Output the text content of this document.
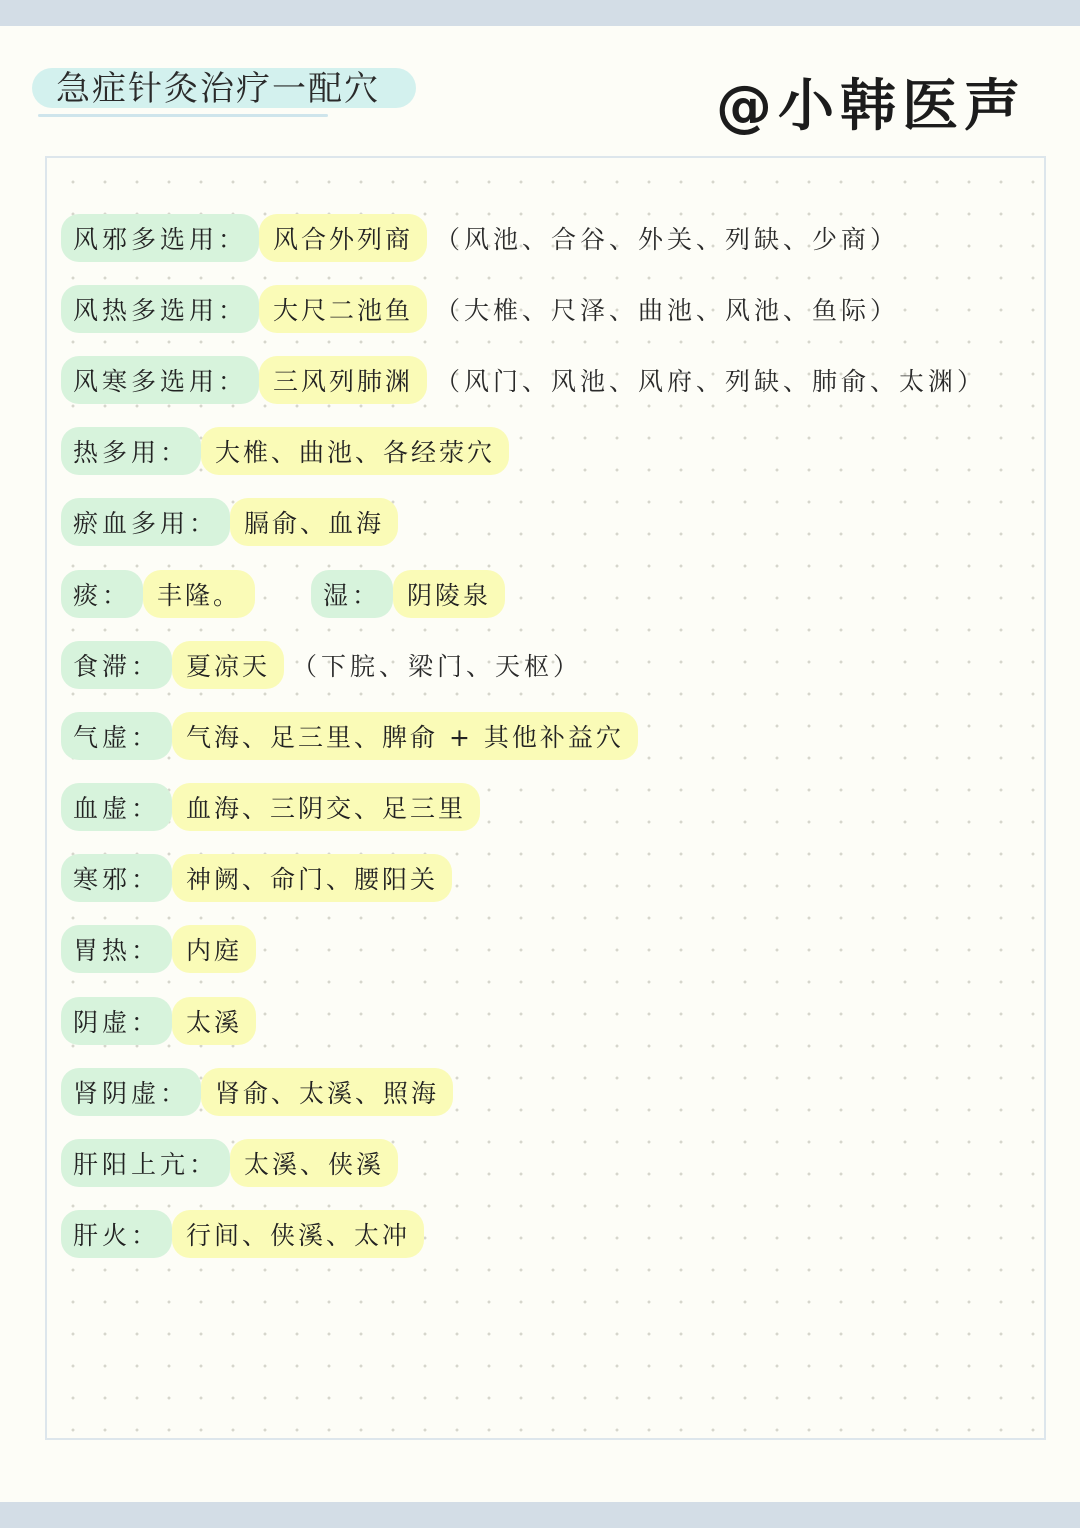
急症针灸治疗一配穴	@小韩医声
风邪多选用：	风合外列商 （风池、合谷、外关、列缺、少商）
风热多选用：	大尺二池鱼 （大椎、尺泽、曲池、风池、鱼际）
风寒多选用：	三风列肺渊 （风门、风池、风府、列缺、肺俞、太渊）
热多用：	大椎、曲池、各经荥穴
瘀血多用：	膈俞、血海
痰：	丰隆。	湿：	阴陵泉
食滞：	夏凉天 （下脘、梁门、天枢）
气虚：	气海、足三里、脾俞 + 其他补益穴
血虚：	血海、三阴交、足三里
寒邪：	神阙、命门、腰阳关
胃热：	内庭
阴虚：	太溪
肾阴虚：	肾俞、太溪、照海
肝阳上亢：	太溪、侠溪
肝火：	行间、侠溪、太冲
